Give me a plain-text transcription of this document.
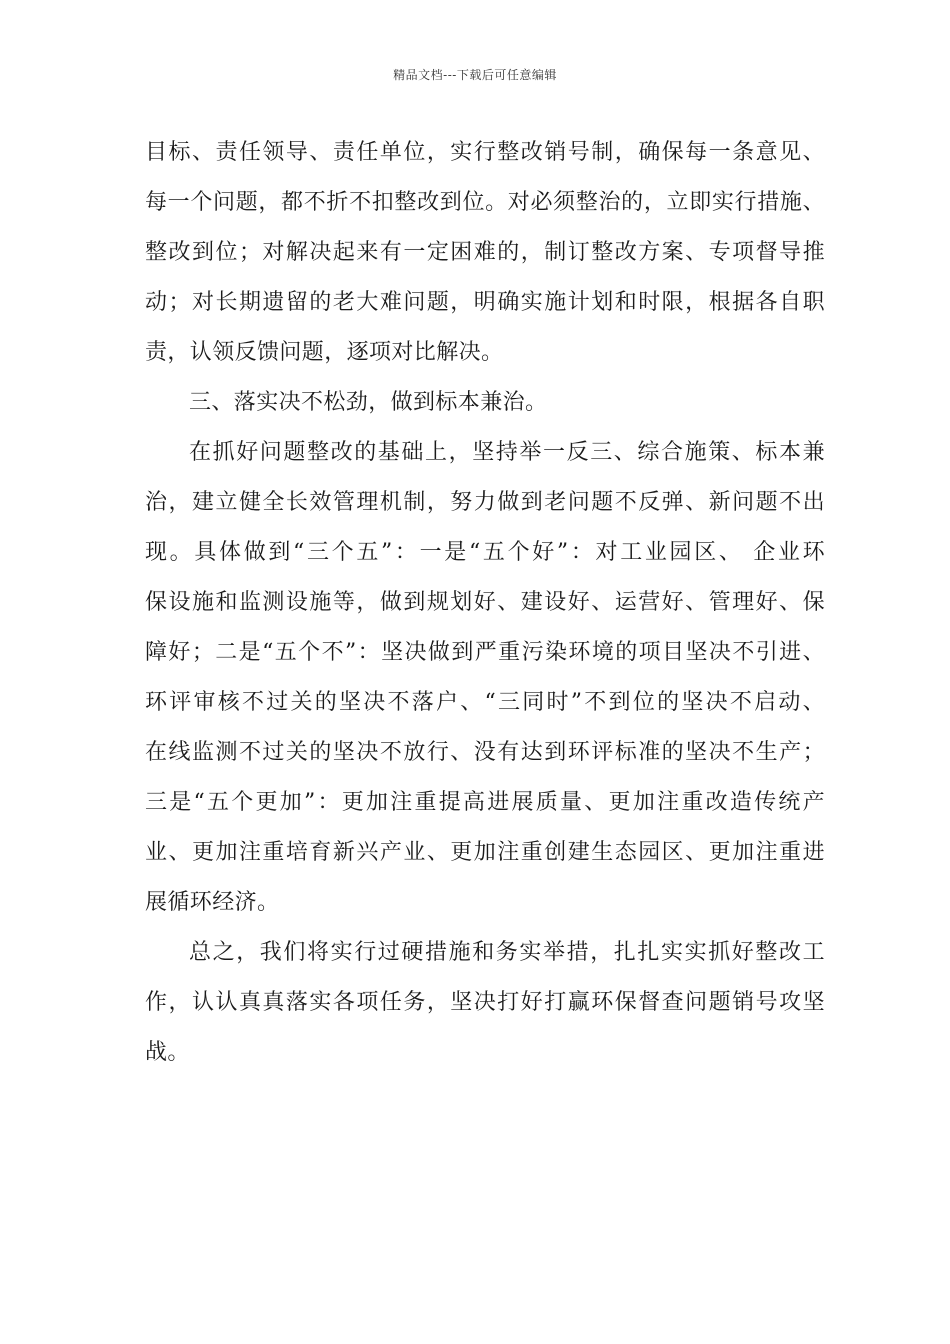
精品文档---下载后可任意编辑
目标、责任领导、责任单位，实行整改销号制，确保每一条意见、
每一个问题，都不折不扣整改到位。对必须整治的，立即实行措施、
整改到位；对解决起来有一定困难的，制订整改方案、专项督导推
动；对长期遗留的老大难问题，明确实施计划和时限，根据各自职
责，认领反馈问题，逐项对比解决。
三、落实决不松劲，做到标本兼治。
在抓好问题整改的基础上，坚持举一反三、综合施策、标本兼
治，建立健全长效管理机制，努力做到老问题不反弹、新问题不出
现。具体做到“三个五”：一是“五个好”：对工业园区、 企业环
保设施和监测设施等，做到规划好、建设好、运营好、管理好、保
障好；二是“五个不”：坚决做到严重污染环境的项目坚决不引进、
环评审核不过关的坚决不落户、“三同时”不到位的坚决不启动、
在线监测不过关的坚决不放行、没有达到环评标准的坚决不生产；
三是“五个更加”：更加注重提高进展质量、更加注重改造传统产
业、更加注重培育新兴产业、更加注重创建生态园区、更加注重进
展循环经济。
总之，我们将实行过硬措施和务实举措，扎扎实实抓好整改工
作，认认真真落实各项任务，坚决打好打赢环保督查问题销号攻坚
战。
